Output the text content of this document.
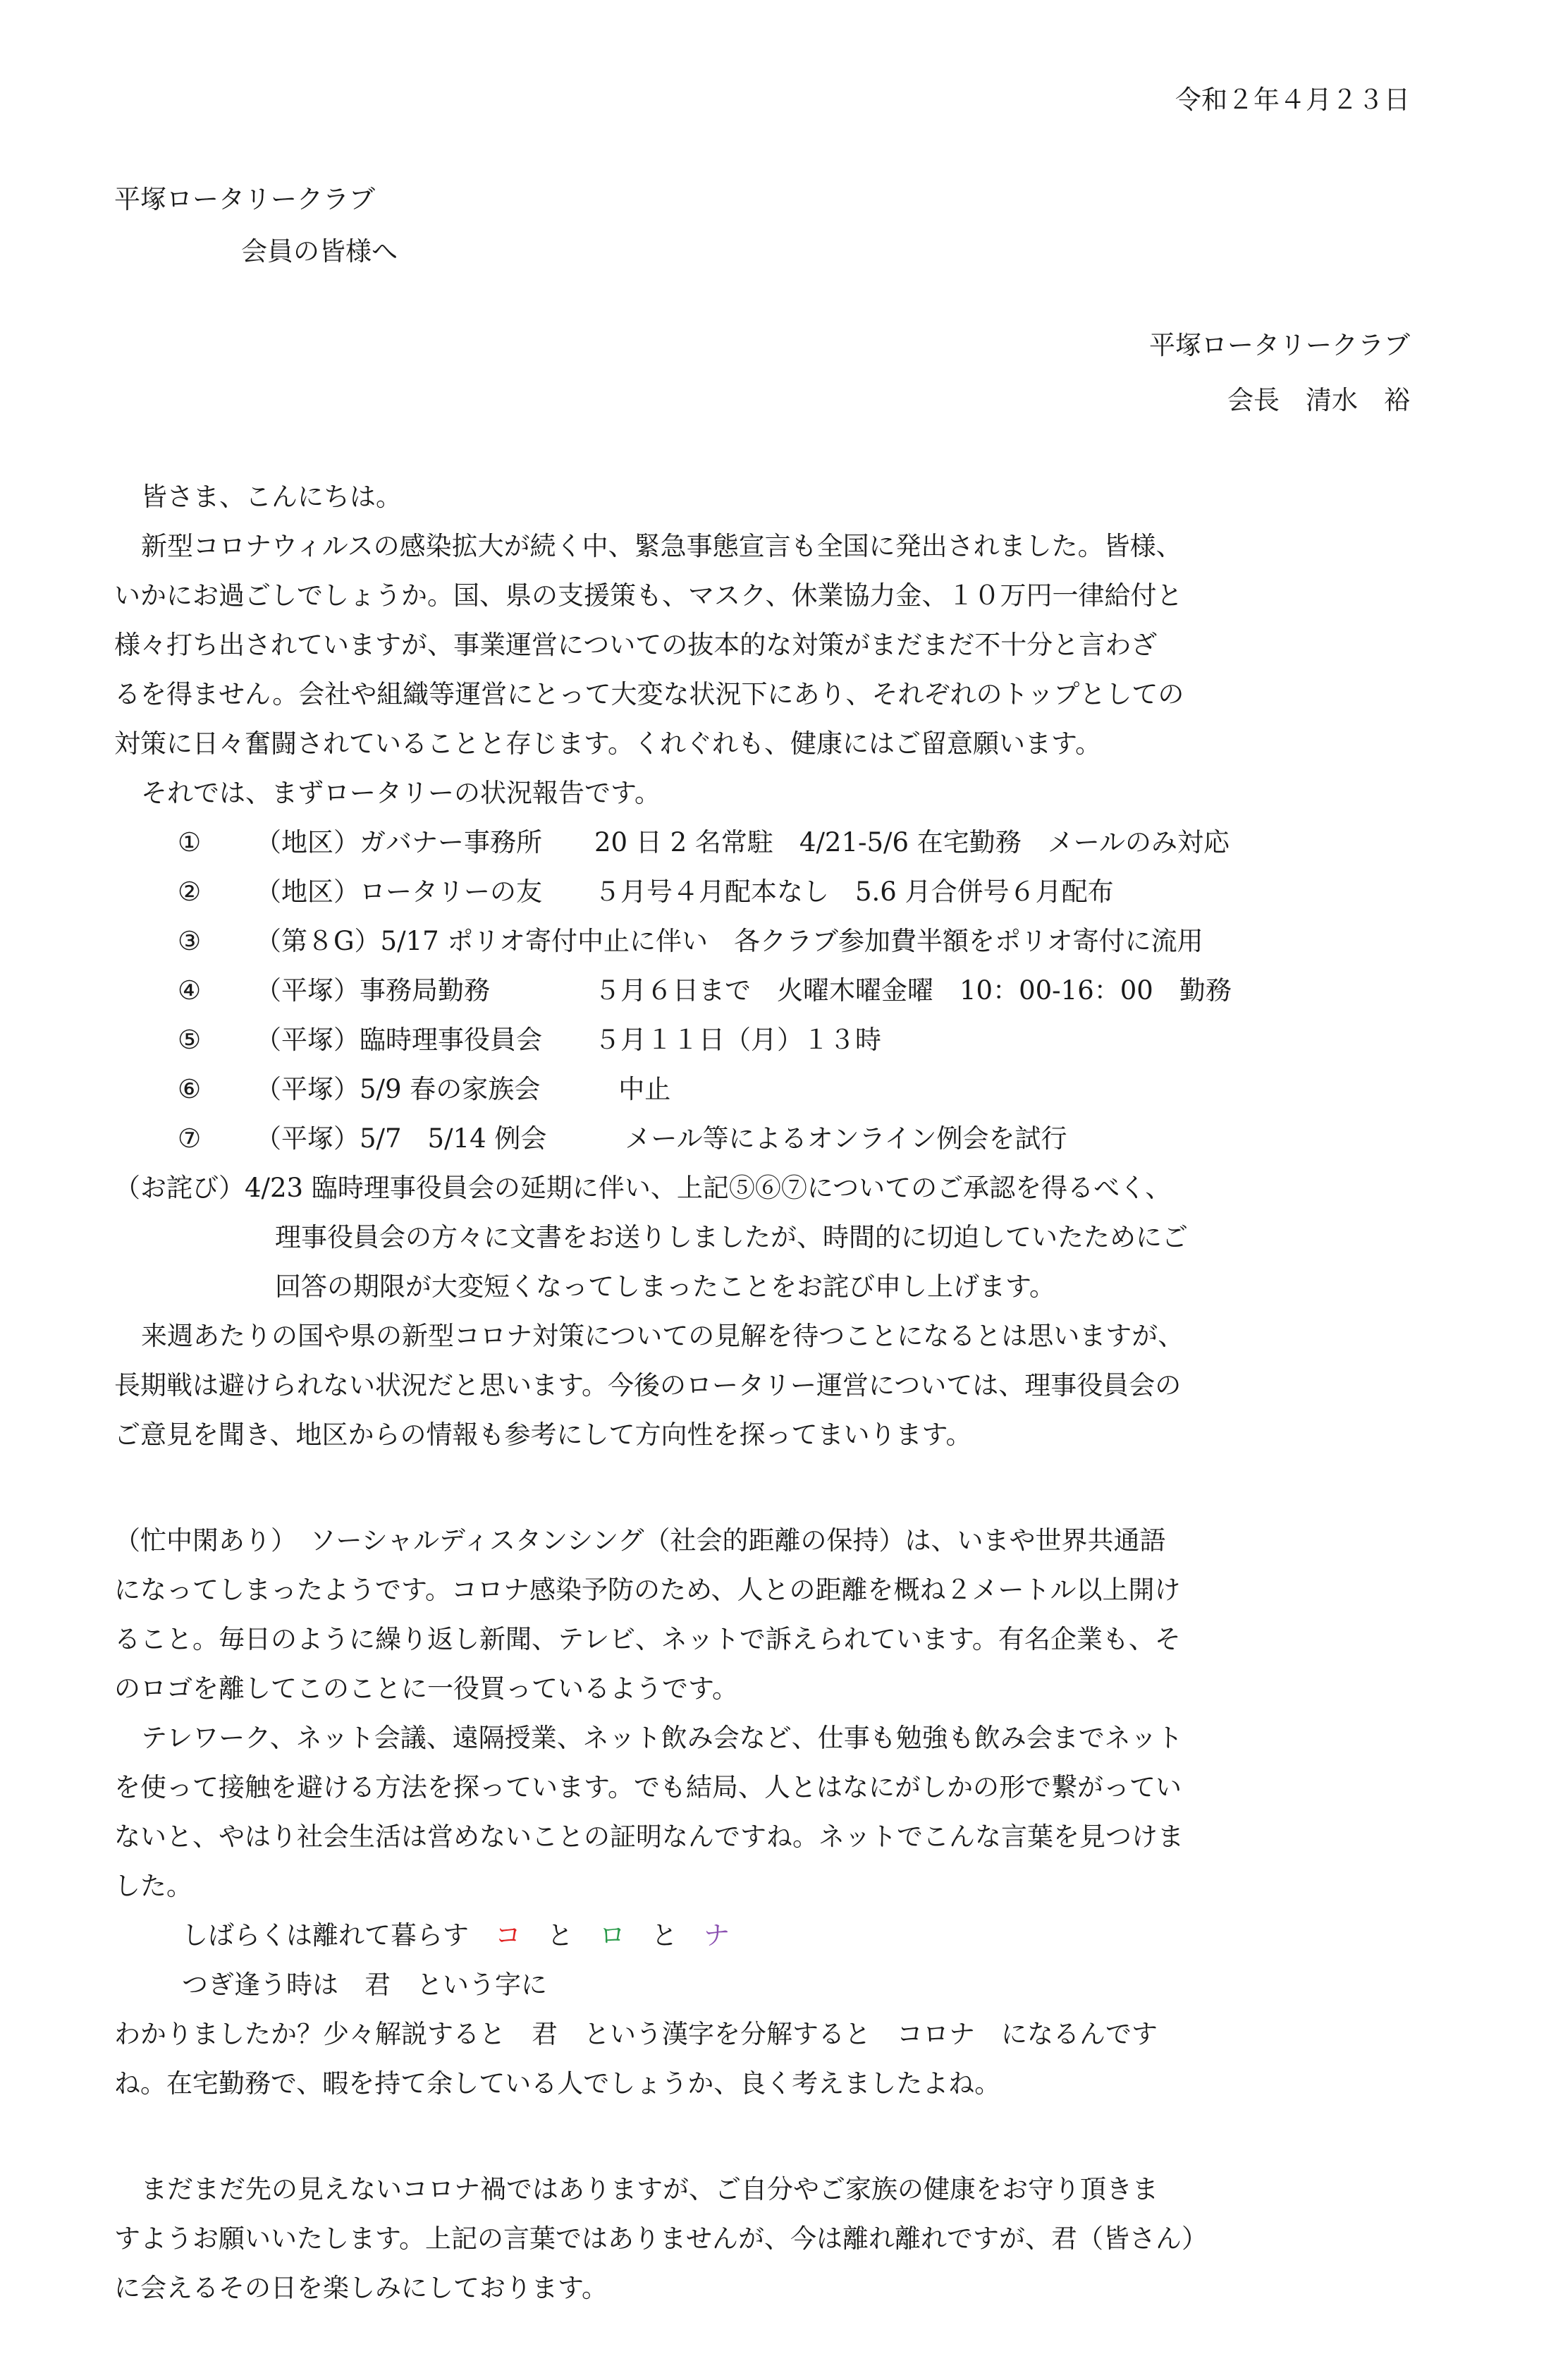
令和２年４月２３日
平塚ロータリークラブ
会員の皆様へ
平塚ロータリークラブ
会長　清水　裕
皆さま、こんにちは。
新型コロナウィルスの感染拡大が続く中、緊急事態宣言も全国に発出されました。皆様、
いかにお過ごしでしょうか。国、県の支援策も、マスク、休業協力金、１０万円一律給付と
様々打ち出されていますが、事業運営についての抜本的な対策がまだまだ不十分と言わざ
るを得ません。会社や組織等運営にとって大変な状況下にあり、それぞれのトップとしての
対策に日々奮闘されていることと存じます。くれぐれも、健康にはご留意願います。
それでは、まずロータリーの状況報告です。
① （地区）ガバナー事務所　　20 日 2 名常駐　4/21-5/6 在宅勤務　メールのみ対応
② （地区）ロータリーの友　　５月号４月配本なし　5.6 月合併号６月配布
③ （第８G）5/17 ポリオ寄付中止に伴い　各クラブ参加費半額をポリオ寄付に流用
④ （平塚）事務局勤務　　　　５月６日まで　火曜木曜金曜　10：00-16：00　勤務
⑤ （平塚）臨時理事役員会　　５月１１日（月）１３時
⑥ （平塚）5/9 春の家族会　　　中止
⑦ （平塚）5/7　5/14 例会　　　メール等によるオンライン例会を試行
（お詫び）4/23 臨時理事役員会の延期に伴い、上記⑤⑥⑦についてのご承認を得るべく、
理事役員会の方々に文書をお送りしましたが、時間的に切迫していたためにご
回答の期限が大変短くなってしまったことをお詫び申し上げます。
来週あたりの国や県の新型コロナ対策についての見解を待つことになるとは思いますが、
長期戦は避けられない状況だと思います。今後のロータリー運営については、理事役員会の
ご意見を聞き、地区からの情報も参考にして方向性を探ってまいります。
（忙中閑あり）　ソーシャルディスタンシング（社会的距離の保持）は、いまや世界共通語
になってしまったようです。コロナ感染予防のため、人との距離を概ね２メートル以上開け
ること。毎日のように繰り返し新聞、テレビ、ネットで訴えられています。有名企業も、そ
のロゴを離してこのことに一役買っているようです。
テレワーク、ネット会議、遠隔授業、ネット飲み会など、仕事も勉強も飲み会までネット
を使って接触を避ける方法を探っています。でも結局、人とはなにがしかの形で繋がってい
ないと、やはり社会生活は営めないことの証明なんですね。ネットでこんな言葉を見つけま
した。
しばらくは離れて暮らす　コ　と　ロ　と　ナ
つぎ逢う時は　君　という字に
わかりましたか？少々解説すると　君　という漢字を分解すると　コロナ　になるんです
ね。在宅勤務で、暇を持て余している人でしょうか、良く考えましたよね。
まだまだ先の見えないコロナ禍ではありますが、ご自分やご家族の健康をお守り頂きま
すようお願いいたします。上記の言葉ではありませんが、今は離れ離れですが、君（皆さん）
に会えるその日を楽しみにしております。
